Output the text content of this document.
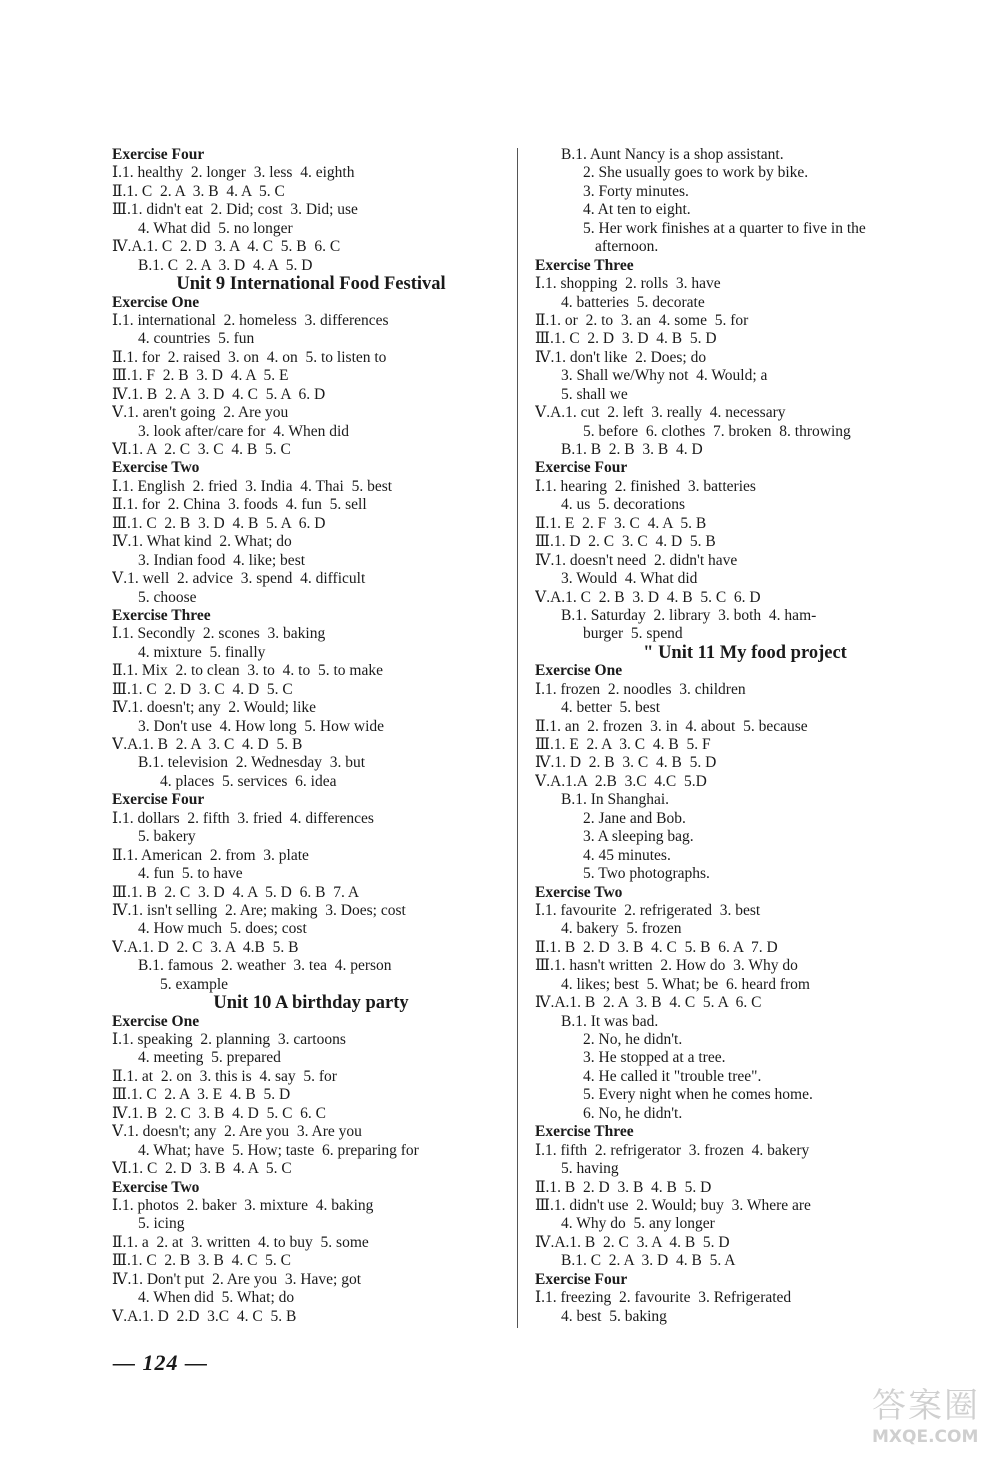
Exercise Four
Ⅰ.1. healthy  2. longer  3. less  4. eighth
Ⅱ.1. C  2. A  3. B  4. A  5. C
Ⅲ.1. didn't eat  2. Did; cost  3. Did; use
4. What did  5. no longer
Ⅳ.A.1. C  2. D  3. A  4. C  5. B  6. C
B.1. C  2. A  3. D  4. A  5. D
Unit 9 International Food Festival
Exercise One
Ⅰ.1. international  2. homeless  3. differences
4. countries  5. fun
Ⅱ.1. for  2. raised  3. on  4. on  5. to listen to
Ⅲ.1. F  2. B  3. D  4. A  5. E
Ⅳ.1. B  2. A  3. D  4. C  5. A  6. D
Ⅴ.1. aren't going  2. Are you
3. look after/care for  4. When did
Ⅵ.1. A  2. C  3. C  4. B  5. C
Exercise Two
Ⅰ.1. English  2. fried  3. India  4. Thai  5. best
Ⅱ.1. for  2. China  3. foods  4. fun  5. sell
Ⅲ.1. C  2. B  3. D  4. B  5. A  6. D
Ⅳ.1. What kind  2. What; do
3. Indian food  4. like; best
Ⅴ.1. well  2. advice  3. spend  4. difficult
5. choose
Exercise Three
Ⅰ.1. Secondly  2. scones  3. baking
4. mixture  5. finally
Ⅱ.1. Mix  2. to clean  3. to  4. to  5. to make
Ⅲ.1. C  2. D  3. C  4. D  5. C
Ⅳ.1. doesn't; any  2. Would; like
3. Don't use  4. How long  5. How wide
Ⅴ.A.1. B  2. A  3. C  4. D  5. B
B.1. television  2. Wednesday  3. but
4. places  5. services  6. idea
Exercise Four
Ⅰ.1. dollars  2. fifth  3. fried  4. differences
5. bakery
Ⅱ.1. American  2. from  3. plate
4. fun  5. to have
Ⅲ.1. B  2. C  3. D  4. A  5. D  6. B  7. A
Ⅳ.1. isn't selling  2. Are; making  3. Does; cost
4. How much  5. does; cost
Ⅴ.A.1. D  2. C  3. A  4.B  5. B
B.1. famous  2. weather  3. tea  4. person
5. example
Unit 10 A birthday party
Exercise One
Ⅰ.1. speaking  2. planning  3. cartoons
4. meeting  5. prepared
Ⅱ.1. at  2. on  3. this is  4. say  5. for
Ⅲ.1. C  2. A  3. E  4. B  5. D
Ⅳ.1. B  2. C  3. B  4. D  5. C  6. C
Ⅴ.1. doesn't; any  2. Are you  3. Are you
4. What; have  5. How; taste  6. preparing for
Ⅵ.1. C  2. D  3. B  4. A  5. C
Exercise Two
Ⅰ.1. photos  2. baker  3. mixture  4. baking
5. icing
Ⅱ.1. a  2. at  3. written  4. to buy  5. some
Ⅲ.1. C  2. B  3. B  4. C  5. C
Ⅳ.1. Don't put  2. Are you  3. Have; got
4. When did  5. What; do
Ⅴ.A.1. D  2.D  3.C  4. C  5. B
B.1. Aunt Nancy is a shop assistant.
2. She usually goes to work by bike.
3. Forty minutes.
4. At ten to eight.
5. Her work finishes at a quarter to five in the
afternoon.
Exercise Three
Ⅰ.1. shopping  2. rolls  3. have
4. batteries  5. decorate
Ⅱ.1. or  2. to  3. an  4. some  5. for
Ⅲ.1. C  2. D  3. D  4. B  5. D
Ⅳ.1. don't like  2. Does; do
3. Shall we/Why not  4. Would; a
5. shall we
Ⅴ.A.1. cut  2. left  3. really  4. necessary
5. before  6. clothes  7. broken  8. throwing
B.1. B  2. B  3. B  4. D
Exercise Four
Ⅰ.1. hearing  2. finished  3. batteries
4. us  5. decorations
Ⅱ.1. E  2. F  3. C  4. A  5. B
Ⅲ.1. D  2. C  3. C  4. D  5. B
Ⅳ.1. doesn't need  2. didn't have
3. Would  4. What did
Ⅴ.A.1. C  2. B  3. D  4. B  5. C  6. D
B.1. Saturday  2. library  3. both  4. ham-
burger  5. spend
" Unit 11 My food project
Exercise One
Ⅰ.1. frozen  2. noodles  3. children
4. better  5. best
Ⅱ.1. an  2. frozen  3. in  4. about  5. because
Ⅲ.1. E  2. A  3. C  4. B  5. F
Ⅳ.1. D  2. B  3. C  4. B  5. D
Ⅴ.A.1.A  2.B  3.C  4.C  5.D
B.1. In Shanghai.
2. Jane and Bob.
3. A sleeping bag.
4. 45 minutes.
5. Two photographs.
Exercise Two
Ⅰ.1. favourite  2. refrigerated  3. best
4. bakery  5. frozen
Ⅱ.1. B  2. D  3. B  4. C  5. B  6. A  7. D
Ⅲ.1. hasn't written  2. How do  3. Why do
4. likes; best  5. What; be  6. heard from
Ⅳ.A.1. B  2. A  3. B  4. C  5. A  6. C
B.1. It was bad.
2. No, he didn't.
3. He stopped at a tree.
4. He called it "trouble tree".
5. Every night when he comes home.
6. No, he didn't.
Exercise Three
Ⅰ.1. fifth  2. refrigerator  3. frozen  4. bakery
5. having
Ⅱ.1. B  2. D  3. B  4. B  5. D
Ⅲ.1. didn't use  2. Would; buy  3. Where are
4. Why do  5. any longer
Ⅳ.A.1. B  2. C  3. A  4. B  5. D
B.1. C  2. A  3. D  4. B  5. A
Exercise Four
Ⅰ.1. freezing  2. favourite  3. Refrigerated
4. best  5. baking
— 124 —
答案圈
MXQE.COM
